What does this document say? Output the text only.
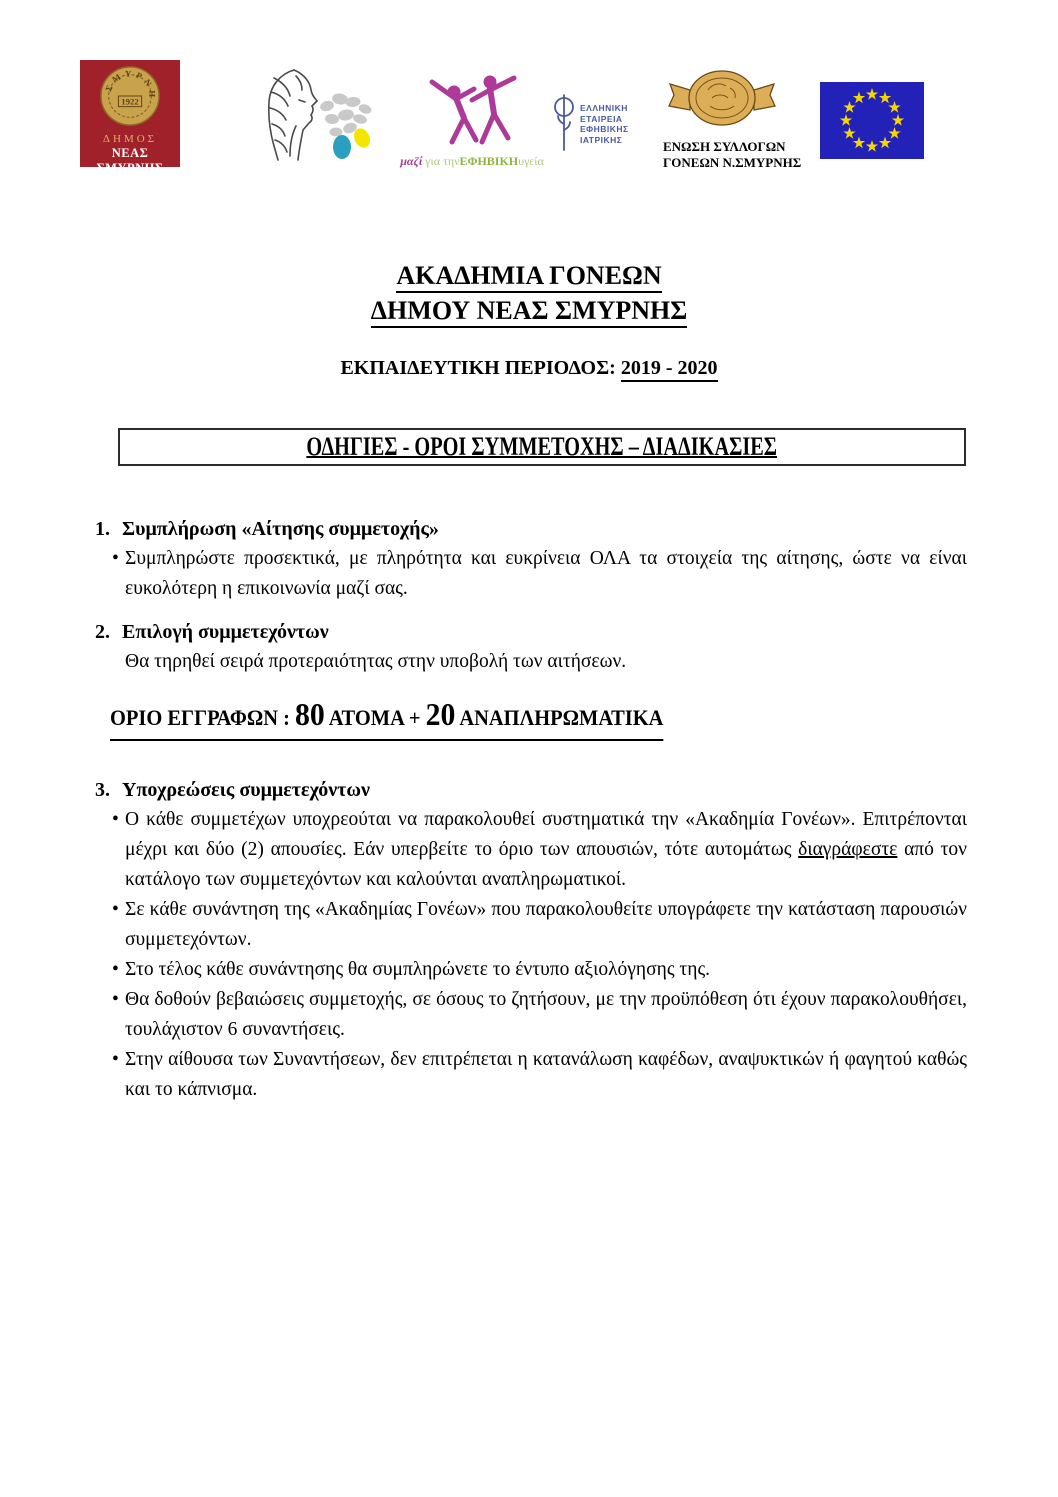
ΣΜΥΡΝΗ
1922
ΔΗΜΟΣ
ΝΕΑΣ ΣΜΥΡΝΗΣ	μαζί για τηνΕΦΗΒΙΚΗυγεία
ΕΛΛΗΝΙΚΗ
ΕΤΑΙΡΕΙΑ
ΕΦΗΒΙΚΗΣ
ΙΑΤΡΙΚΗΣ	ΕΝΩΣΗ ΣΥΛΛΟΓΩΝ
ΓΟΝΕΩΝ Ν.ΣΜΥΡΝΗΣ
ΑΚΑΔΗΜΙΑ ΓΟΝΕΩΝ
ΔΗΜΟΥ ΝΕΑΣ ΣΜΥΡΝΗΣ
ΕΚΠΑΙΔΕΥΤΙΚΗ ΠΕΡΙΟΔΟΣ: 2019 - 2020
ΟΔΗΓΙΕΣ - ΟΡΟΙ ΣΥΜΜΕΤΟΧΗΣ – ΔΙΑΔΙΚΑΣΙΕΣ
1. Συμπλήρωση «Αίτησης συμμετοχής»
• Συμπληρώστε προσεκτικά, με πληρότητα και ευκρίνεια ΟΛΑ τα στοιχεία της αίτησης, ώστε να είναι ευκολότερη η επικοινωνία μαζί σας.
2. Επιλογή συμμετεχόντων
Θα τηρηθεί σειρά προτεραιότητας στην υποβολή των αιτήσεων.
ΟΡΙΟ ΕΓΓΡΑΦΩΝ : 80 ΑΤΟΜΑ + 20 ΑΝΑΠΛΗΡΩΜΑΤΙΚΑ
3. Υποχρεώσεις συμμετεχόντων
• Ο κάθε συμμετέχων υποχρεούται να παρακολουθεί συστηματικά την «Ακαδημία Γονέων». Επιτρέπονται μέχρι και δύο (2) απουσίες. Εάν υπερβείτε το όριο των απουσιών, τότε αυτομάτως διαγράφεστε από τον κατάλογο των συμμετεχόντων και καλούνται αναπληρωματικοί.
• Σε κάθε συνάντηση της «Ακαδημίας Γονέων» που παρακολουθείτε υπογράφετε την κατάσταση παρουσιών συμμετεχόντων.
• Στο τέλος κάθε συνάντησης θα συμπληρώνετε το έντυπο αξιολόγησης της.
• Θα δοθούν βεβαιώσεις συμμετοχής, σε όσους το ζητήσουν, με την προϋπόθεση ότι έχουν παρακολουθήσει, τουλάχιστον 6 συναντήσεις.
• Στην αίθουσα των Συναντήσεων, δεν επιτρέπεται η κατανάλωση καφέδων, αναψυκτικών ή φαγητού καθώς και το κάπνισμα.
